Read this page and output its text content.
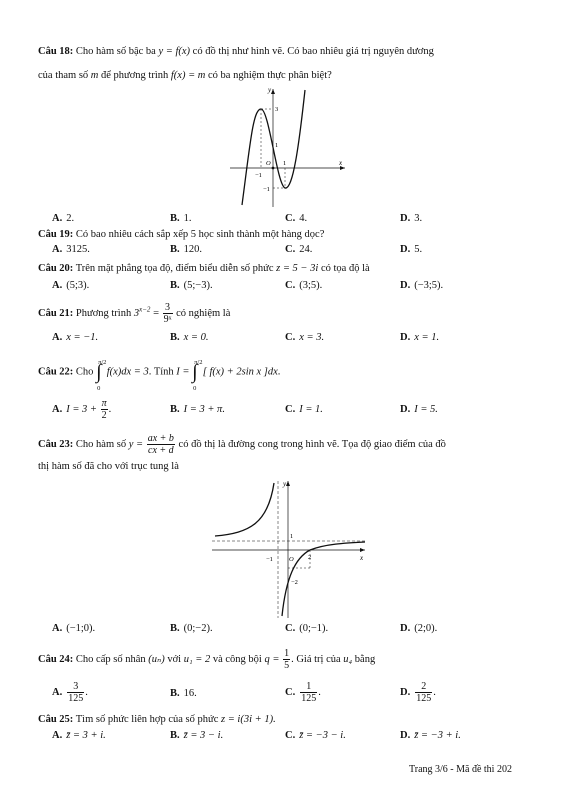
Câu 18: Cho hàm số bậc ba y = f(x) có đồ thị như hình vẽ. Có bao nhiêu giá trị nguyên dương
của tham số m để phương trình f(x) = m có ba nghiệm thực phân biệt?
y
x
O
3
1
−1
1
−1
A. 2.	B. 1.	C. 4.	D. 3.
Câu 19: Có bao nhiêu cách sắp xếp 5 học sinh thành một hàng dọc?
A. 3125.	B. 120.	C. 24.	D. 5.
Câu 20: Trên mặt phẳng tọa độ, điểm biểu diễn số phức z = 5 − 3i có tọa độ là
A. (5;3).	B. (5;−3).	C. (3;5).	D. (−3;5).
Câu 21: Phương trình $3^{x-2} = \frac{3}{\text{9ˣ}}$ có nghiệm là
A. x = −1.	B. x = 0.	C. x = 3.	D. x = 1.
Câu 22: Cho ∫
π/2
0
f(x)dx = 3. Tính I = ∫
π/2
0
[ f(x) + 2sin x ]dx.
A. $I = 3 + \frac{\pi}{2}$ .	B. I = 3 + π.	C. I = 1.	D. I = 5.
Câu 23: Cho hàm số $y = \frac{ax + b}{cx + d}$ có đồ thị là đường cong trong hình vẽ. Tọa độ giao điểm của đồ
thị hàm số đã cho với trục tung là
y
x
O
1
−1	2
−2
A. (−1;0).	B. (0;−2).	C. (0;−1).	D. (2;0).
Câu 24: Cho cấp số nhân (uₙ) với u₁ = 2 và công bội $q = \frac{1}{5}$ . Giá trị của u₄ bằng
A. $\frac{3}{125}$ .	B. 16.	C. $\frac{1}{125}$ .	D. $\frac{2}{125}$ .
Câu 25: Tìm số phức liên hợp của số phức z = i(3i + 1).
A. z̄ = 3 + i.	B. z̄ = 3 − i.	C. z̄ = −3 − i.	D. z̄ = −3 + i.
Trang 3/6 - Mã đề thi 202
